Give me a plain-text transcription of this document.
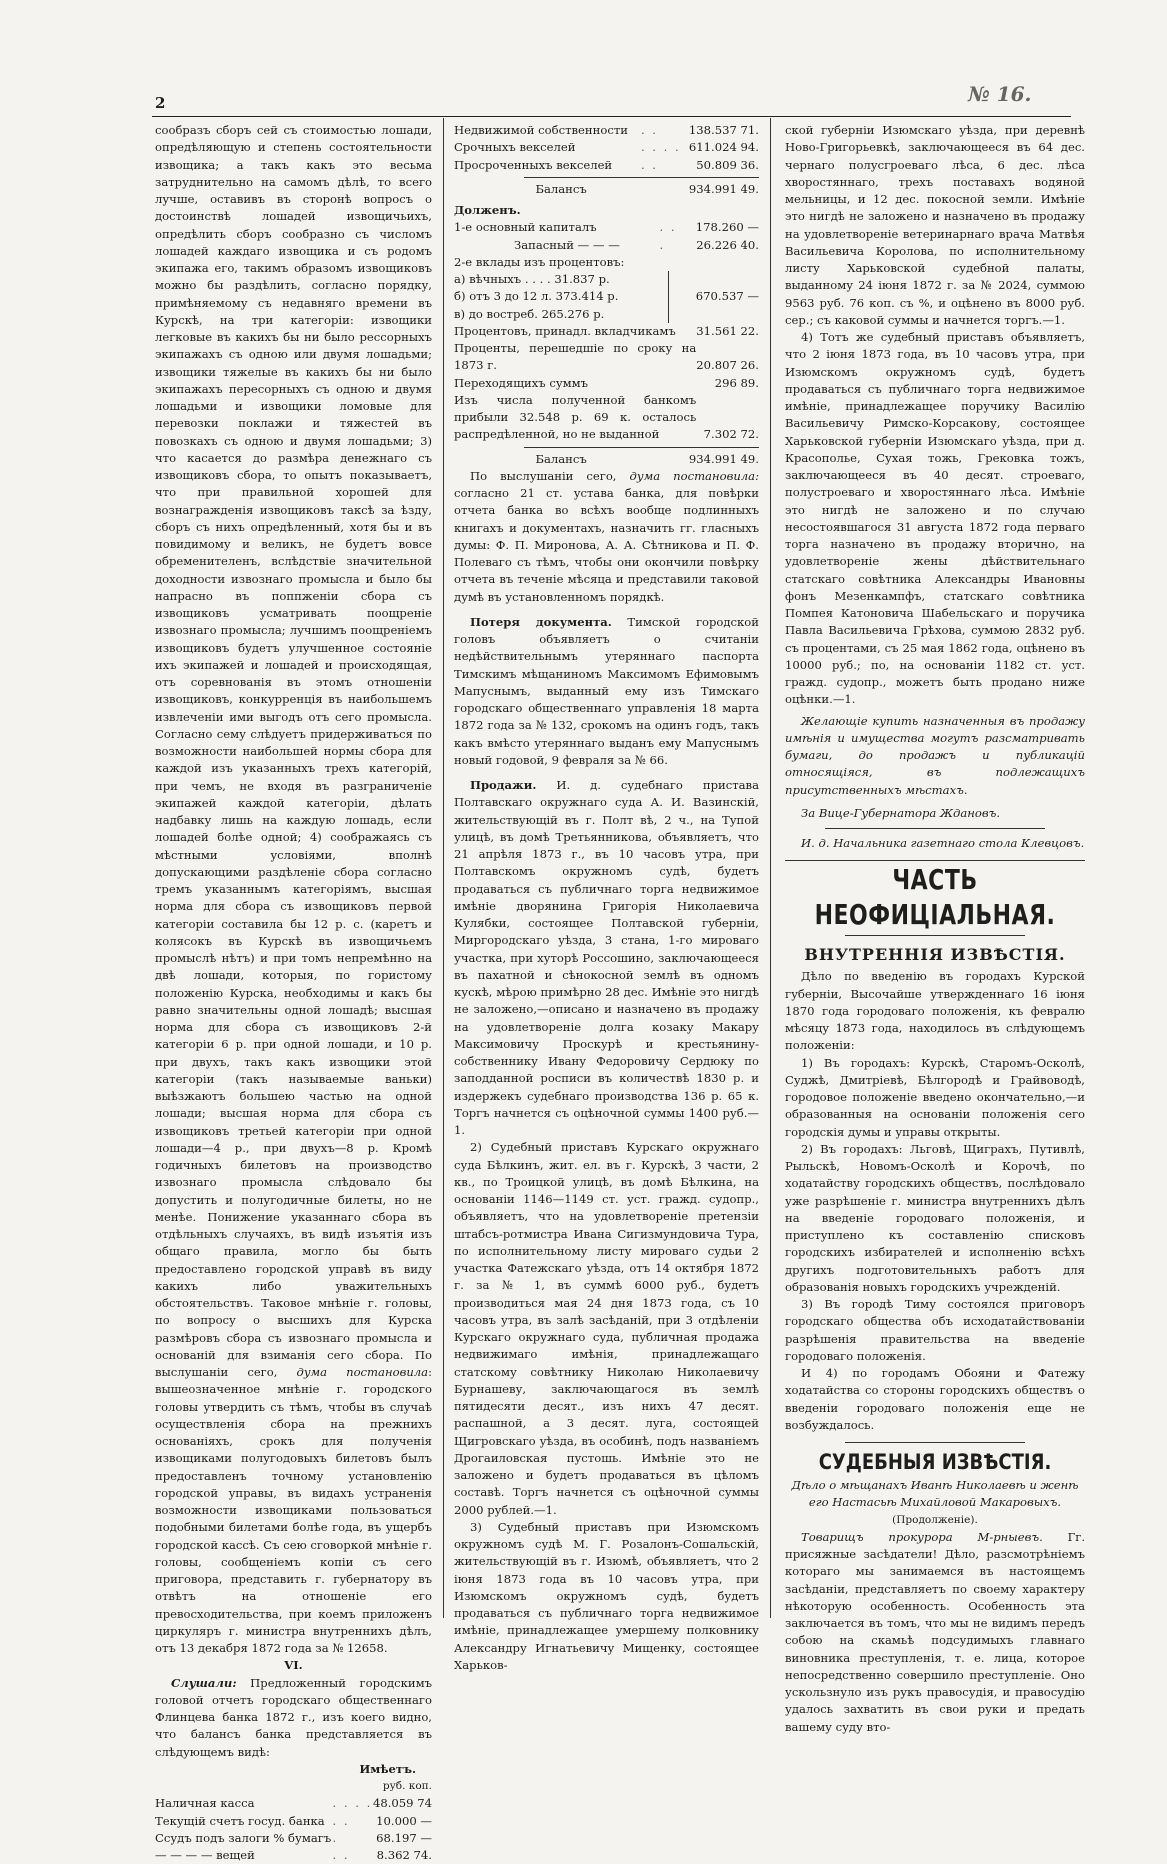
2	№ 16.

сообразъ сборъ сей съ стоимостью лошади, опредѣляющую и степень состоятельности извощика; а такъ какъ это весьма затруднительно на самомъ дѣлѣ, то всего лучше, оставивъ въ сторонѣ вопросъ о достоинствѣ лошадей извощичьихъ, опредѣлить сборъ сообразно съ числомъ лошадей каждаго извощика и съ родомъ экипажа его, такимъ образомъ извощиковъ можно бы раздѣлить, согласно порядку, примѣняемому съ недавняго времени въ Курскѣ, на три категоріи: извощики легковые въ какихъ бы ни было рессорныхъ экипажахъ съ одною или двумя лошадьми; извощики тяжелые въ какихъ бы ни было экипажахъ пересорныхъ съ одною и двумя лошадьми и извощики ломовые для перевозки поклажи и тяжестей въ повозкахъ съ одною и двумя лошадьми; 3) что касается до размѣра денежнаго съ извощиковъ сбора, то опытъ показываетъ, что при правильной хорошей для вознагражденія извощиковъ таксѣ за ѣзду, сборъ съ нихъ опредѣленный, хотя бы и въ повидимому и великъ, не будетъ вовсе обременителенъ, вслѣдствіе значительной доходности извознаго промысла и было бы напрасно въ поппженіи сбора съ извощиковъ усматривать поощреніе извознаго промысла; лучшимъ поощреніемъ извощиковъ будетъ улучшенное состояніе ихъ экипажей и лошадей и происходящая, отъ соревнованія въ этомъ отношеніи извощиковъ, конкурренція въ наибольшемъ извлеченіи ими выгодъ отъ сего промысла. Согласно сему слѣдуетъ придерживаться по возможности наибольшей нормы сбора для каждой изъ указанныхъ трехъ категорій, при чемъ, не входя въ разграниченіе экипажей каждой категоріи, дѣлать надбавку лишь на каждую лошадь, если лошадей болѣе одной; 4) соображаясь съ мѣстными условіями, вполнѣ допускающими раздѣленіе сбора согласно тремъ указаннымъ категоріямъ, высшая норма для сбора съ извощиковъ первой категоріи составила бы 12 р. с. (каретъ и колясокъ въ Курскѣ въ извощичьемъ промыслѣ нѣтъ) и при томъ непремѣнно на двѣ лошади, которыя, по гористому положенію Курска, необходимы и какъ бы равно значительны одной лошадѣ; высшая норма для сбора съ извощиковъ 2-й категоріи 6 р. при одной лошади, и 10 р. при двухъ, такъ какъ извощики этой категоріи (такъ называемые ваньки) выѣзжаютъ большею частью на одной лошади; высшая норма для сбора съ извощиковъ третьей категоріи при одной лошади—4 р., при двухъ—8 р. Кромѣ годичныхъ билетовъ на производство извознаго промысла слѣдовало бы допустить и полугодичные билеты, но не менѣе. Понижение указаннаго сбора въ отдѣльныхъ случаяхъ, въ видѣ изъятія изъ общаго правила, могло бы быть предоставлено городской управѣ въ виду какихъ либо уважительныхъ обстоятельствъ. Таковое мнѣніе г. головы, по вопросу о высшихъ для Курска размѣровъ сбора съ извознаго промысла и основаній для взиманія сего сбора. По выслушаніи сего, дума постановила: вышеозначенное мнѣніе г. городского головы утвердить съ тѣмъ, чтобы въ случаѣ осуществленія сбора на прежнихъ основаніяхъ, срокъ для полученія извощиками полугодовыхъ билетовъ былъ предоставленъ точному установленію городской управы, въ видахъ устраненія возможности извощиками пользоваться подобными билетами болѣе года, въ ущербъ городской кассѣ. Съ сею сговоркой мнѣніе г. головы, сообщеніемъ копіи съ сего приговора, представить г. губернатору въ отвѣтъ на отношеніе его превосходительства, при коемъ приложенъ циркуляръ г. министра внутреннихъ дѣлъ, отъ 13 декабря 1872 года за № 12658.

VI.

Слушали: Предложенный городскимъ головой отчетъ городскаго общественнаго Флинцева банка 1872 г., изъ коего видно, что балансъ банка представляется въ слѣдующемъ видѣ:

Имѣетъ.

руб. коп.

Наличная касса	. . . .	48.059 74
Текущій счетъ госуд. банка	. .	10.000 —
Ссудъ подъ залоги % бумагъ	.	68.197 —
— — — — вещей	. .	8.362 74.
Недвижимой собственности	. .	138.537 71.
Срочныхъ векселей	. . . .	611.024 94.
Просроченныхъ векселей	. .	50.809 36.
Балансъ	934.991 49.

Долженъ.

1-е основный капиталъ	. .	178.260 —
Запасный — — —	.	26.226 40.

2-е вклады изъ процентовъ:

а) вѣчныхъ . . . . 31.837 р.	670.537 —
б) отъ 3 до 12 л. 373.414 р.
в) до востреб. 265.276 р.
Процентовъ, принадл. вкладчикамъ	31.561 22.
Проценты, перешедшіе по сроку на 1873 г.	20.807 26.
Переходящихъ суммъ	296 89.
Изъ числа полученной банкомъ прибыли 32.548 р. 69 к. осталось распредѣленной, но не выданной	7.302 72.
Балансъ	934.991 49.

По выслушаніи сего, дума постановила: согласно 21 ст. устава банка, для повѣрки отчета банка во всѣхъ вообще подлинныхъ книгахъ и документахъ, назначить гг. гласныхъ думы: Ф. П. Миронова, А. А. Сѣтникова и П. Ф. Полеваго съ тѣмъ, чтобы они окончили повѣрку отчета въ теченіе мѣсяца и представили таковой думѣ въ установленномъ порядкѣ.

Потеря документа. Тимской городской головъ объявляетъ о считаніи недѣйствительнымъ утеряннаго паспорта Тимскимъ мѣщаниномъ Максимомъ Ефимовымъ Мапуснымъ, выданный ему изъ Тимскаго городскаго общественнаго управленія 18 марта 1872 года за № 132, срокомъ на одинъ годъ, такъ какъ вмѣсто утеряннаго выданъ ему Мапуснымъ новый годовой, 9 февраля за № 66.

Продажи. И. д. судебнаго пристава Полтавскаго окружнаго суда А. И. Вазинскій, жительствующій въ г. Полт вѣ, 2 ч., на Тупой улицѣ, въ домѣ Третьянникова, объявляетъ, что 21 апрѣля 1873 г., въ 10 часовъ утра, при Полтавскомъ окружномъ судѣ, будетъ продаваться съ публичнаго торга недвижимое имѣніе дворянина Григорія Николаевича Кулябки, состоящее Полтавской губерніи, Миргородскаго уѣзда, 3 стана, 1-го мироваго участка, при хуторѣ Россошино, заключающееся въ пахатной и сѣнокосной землѣ въ одномъ кускѣ, мѣрою примѣрно 28 дес. Имѣніе это нигдѣ не заложено,—описано и назначено въ продажу на удовлетвореніе долга козаку Макару Максимовичу Проскурѣ и крестьянину-собственнику Ивану Федоровичу Сердюку по заподданной росписи въ количествѣ 1830 р. и издержекъ судебнаго производства 136 р. 65 к. Торгъ начнется съ оцѣночной суммы 1400 руб.—1.

2) Судебный приставъ Курскаго окружнаго суда Бѣлкинъ, жит. ел. въ г. Курскѣ, 3 части, 2 кв., по Троицкой улицѣ, въ домѣ Бѣлкина, на основаніи 1146—1149 ст. уст. гражд. судопр., объявляетъ, что на удовлетвореніе претензіи штабсъ-ротмистра Ивана Сигизмундовича Тура, по исполнительному листу мироваго судьи 2 участка Фатежскаго уѣзда, отъ 14 октября 1872 г. за № 1, въ суммѣ 6000 руб., будетъ производиться мая 24 дня 1873 года, съ 10 часовъ утра, въ залѣ засѣданій, при 3 отдѣленіи Курскаго окружнаго суда, публичная продажа недвижимаго имѣнія, принадлежащаго статскому совѣтнику Николаю Николаевичу Бурнашеву, заключающагося въ землѣ пятидесяти десят., изъ нихъ 47 десят. распашной, а 3 десят. луга, состоящей Щигровскаго уѣзда, въ особинѣ, подъ названіемъ Дрогаиловская пустошь. Имѣніе это не заложено и будетъ продаваться въ цѣломъ составѣ. Торгъ начнется съ оцѣночной суммы 2000 рублей.—1.

3) Судебный приставъ при Изюмскомъ окружномъ судѣ М. Г. Розалонъ-Сошальскій, жительствующій въ г. Изюмѣ, объявляетъ, что 2 іюня 1873 года въ 10 часовъ утра, при Изюмскомъ окружномъ судѣ, будетъ продаваться съ публичнаго торга недвижимое имѣніе, принадлежащее умершему полковнику Александру Игнатьевичу Мищенку, состоящее Харьков-

ской губерніи Изюмскаго уѣзда, при деревнѣ Ново-Григорьевкѣ, заключающееся въ 64 дес. чернаго полусгроеваго лѣса, 6 дес. лѣса хворостяннаго, трехъ поставахъ водяной мельницы, и 12 дес. покосной земли. Имѣніе это нигдѣ не заложено и назначено въ продажу на удовлетвореніе ветеринарнаго врача Матвѣя Васильевича Королова, по исполнительному листу Харьковской судебной палаты, выданному 24 іюня 1872 г. за № 2024, суммою 9563 руб. 76 коп. съ %, и оцѣнено въ 8000 руб. сер.; съ каковой суммы и начнется торгъ.—1.

4) Тотъ же судебный приставъ объявляетъ, что 2 іюня 1873 года, въ 10 часовъ утра, при Изюмскомъ окружномъ судѣ, будетъ продаваться съ публичнаго торга недвижимое имѣніе, принадлежащее поручику Василію Васильевичу Римско-Корсакову, состоящее Харьковской губерніи Изюмскаго уѣзда, при д. Красополье, Сухая тожь, Грековка тожъ, заключающееся въ 40 десят. строеваго, полустроеваго и хворостяннаго лѣса. Имѣніе это нигдѣ не заложено и по случаю несостоявшагося 31 августа 1872 года перваго торга назначено въ продажу вторично, на удовлетвореніе жены дѣйствительнаго статскаго совѣтника Александры Ивановны фонъ Мезенкампфъ, статскаго совѣтника Помпея Катоновича Шабельскаго и поручика Павла Васильевича Грѣхова, суммою 2832 руб. съ процентами, съ 25 мая 1862 года, оцѣнено въ 10000 руб.; по, на основаніи 1182 ст. уст. гражд. судопр., можетъ быть продано ниже оцѣнки.—1.

Желающіе купить назначенныя въ продажу имѣнія и имущества могутъ разсматривать бумаги, до продажъ и публикацій относящіяся, въ подлежащихъ присутственныхъ мѣстахъ.

За Вице-Губернатора Ждановъ.

И. д. Начальника газетнаго стола Клевцовъ.

ЧАСТЬ НЕОФИЦІАЛЬНАЯ.
ВНУТРЕННІЯ ИЗВѢСТІЯ.

Дѣло по введенію въ городахъ Курской губерніи, Высочайше утвержденнаго 16 іюня 1870 года городоваго положенія, къ февралю мѣсяцу 1873 года, находилось въ слѣдующемъ положеніи:

1) Въ городахъ: Курскѣ, Старомъ-Осколѣ, Суджѣ, Дмитріевѣ, Бѣлгородѣ и Грайвоводѣ, городовое положеніе введено окончательно,—и образованныя на основаніи положенія сего городскія думы и управы открыты.

2) Въ городахъ: Льговѣ, Щиграхъ, Путивлѣ, Рыльскѣ, Новомъ-Осколѣ и Корочѣ, по ходатайству городскихъ обществъ, послѣдовало уже разрѣшеніе г. министра внутреннихъ дѣлъ на введеніе городоваго положенія, и приступлено къ составленію списковъ городскихъ избирателей и исполненію всѣхъ другихъ подготовительныхъ работъ для образованія новыхъ городскихъ учрежденій.

3) Въ городѣ Тиму состоялся приговоръ городскаго общества объ исходатайствованіи разрѣшенія правительства на введеніе городоваго положенія.

И 4) по городамъ Обояни и Фатежу ходатайства со стороны городскихъ обществъ о введеніи городоваго положенія еще не возбуждалось.

СУДЕБНЫЯ ИЗВѢСТІЯ.

Дѣло о мѣщанахъ Иванѣ Николаевѣ и женѣ его Настасьѣ Михайловой Макаровыхъ.

(Продолженіе).

Товарищъ прокурора М-рныевъ. Гг. присяжные засѣдатели! Дѣло, разсмотрѣніемъ котораго мы занимаемся въ настоящемъ засѣданіи, представляетъ по своему характеру нѣкоторую особенность. Особенность эта заключается въ томъ, что мы не видимъ передъ собою на скамьѣ подсудимыхъ главнаго виновника преступленія, т. е. лица, которое непосредственно совершило преступленіе. Оно ускользнуло изъ рукъ правосудія, и правосудію удалось захватить въ свои руки и предать вашему суду вто-
